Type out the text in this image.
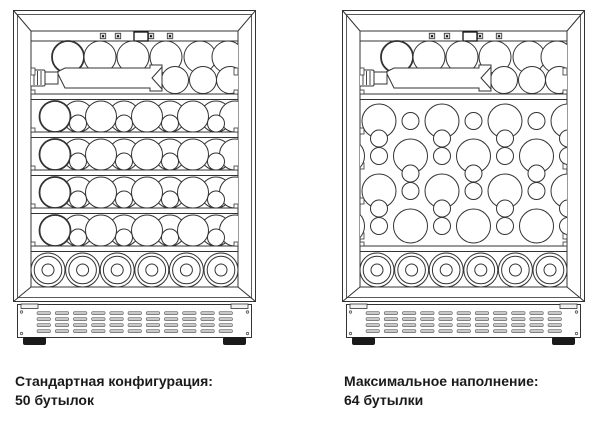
Стандартная конфигурация:
50 бутылок
Максимальное наполнение:
64 бутылки
